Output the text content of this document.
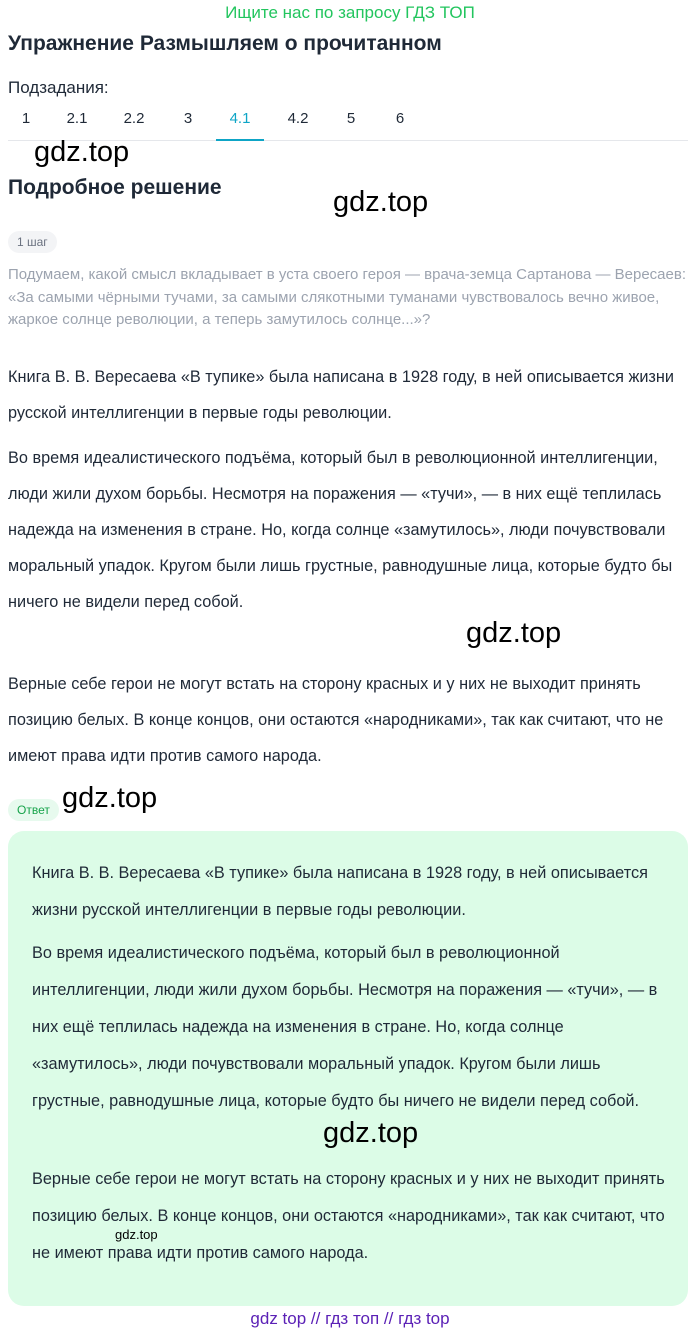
Ищите нас по запросу ГДЗ ТОП
Упражнение Размышляем о прочитанном
Подзадания:
1	2.1	2.2	3	4.1	4.2	5	6
gdz.top
Подробное решение	gdz.top
1 шаг
Подумаем, какой смысл вкладывает в уста своего героя — врача-земца Сартанова — Вересаев: «За самыми чёрными тучами, за самыми слякотными туманами чувствовалось вечно живое, жаркое солнце революции, а теперь замутилось солнце...»?

Книга В. В. Вересаева «В тупике» была написана в 1928 году, в ней описывается жизни русской интеллигенции в первые годы революции.

Во время идеалистического подъёма, который был в революционной интеллигенции, люди жили духом борьбы. Несмотря на поражения — «тучи», — в них ещё теплилась надежда на изменения в стране. Но, когда солнце «замутилось», люди почувствовали моральный упадок. Кругом были лишь грустные, равнодушные лица, которые будто бы ничего не видели перед собой.

gdz.top

Верные себе герои не могут встать на сторону красных и у них не выходит принять позицию белых. В конце концов, они остаются «народниками», так как считают, что не имеют права идти против самого народа.

Ответ gdz.top

Книга В. В. Вересаева «В тупике» была написана в 1928 году, в ней описывается жизни русской интеллигенции в первые годы революции.

Во время идеалистического подъёма, который был в революционной интеллигенции, люди жили духом борьбы. Несмотря на поражения — «тучи», — в них ещё теплилась надежда на изменения в стране. Но, когда солнце «замутилось», люди почувствовали моральный упадок. Кругом были лишь грустные, равнодушные лица, которые будто бы ничего не видели перед собой.

gdz.top

Верные себе герои не могут встать на сторону красных и у них не выходит принять позицию белых. В конце концов, они остаются «народниками», так как считают, что не имеют права идти против самого народа.

gdz.top
gdz top // гдз топ // гдз top
